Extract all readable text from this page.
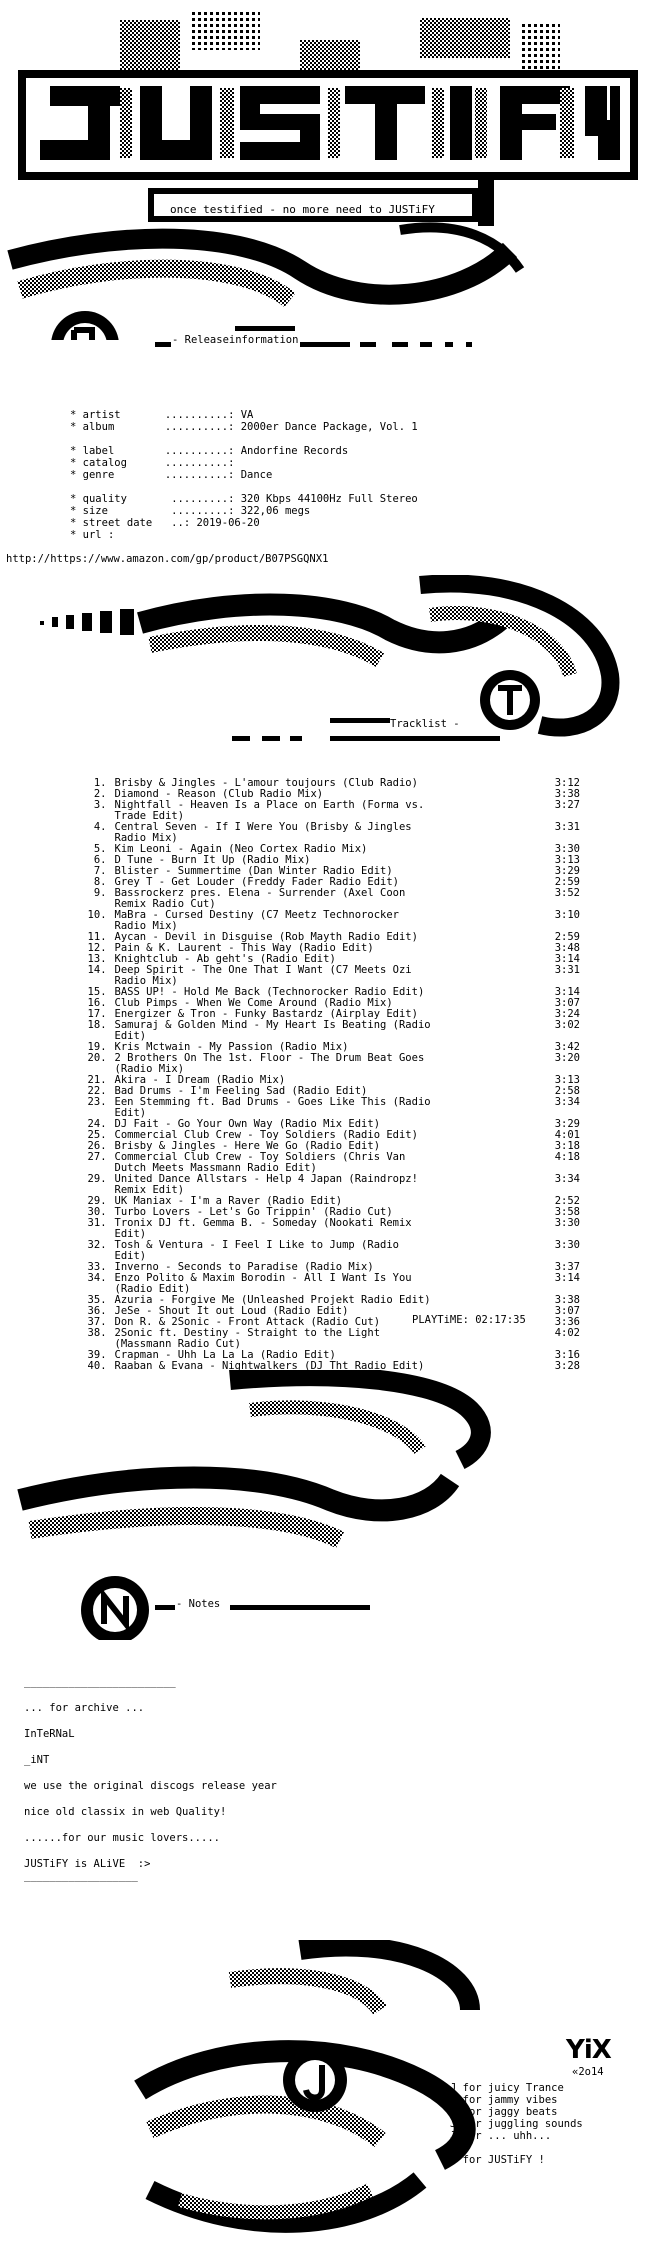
once testified - no more need to JUSTiFY
- Releaseinformation
* artist	..........: VA
* album	..........: 2000er Dance Package, Vol. 1
* label	..........: Andorfine Records
* catalog	..........:
* genre	..........: Dance
* quality	.........: 320 Kbps 44100Hz Full Stereo
* size	.........: 322,06 megs
* street date ..: 2019-06-20
* url :
http://https://www.amazon.com/gp/product/B07PSGQNX1
Tracklist -
1.	Brisby & Jingles - L'amour toujours (Club Radio)	3:12
2.	Diamond - Reason (Club Radio Mix)	3:38
3.	Nightfall - Heaven Is a Place on Earth (Forma vs.
Trade Edit)	3:27
4.	Central Seven - If I Were You (Brisby & Jingles
Radio Mix)	3:31
5.	Kim Leoni - Again (Neo Cortex Radio Mix)	3:30
6.	D Tune - Burn It Up (Radio Mix)	3:13
7.	Blister - Summertime (Dan Winter Radio Edit)	3:29
8.	Grey T - Get Louder (Freddy Fader Radio Edit)	2:59
9.	Bassrockerz pres. Elena - Surrender (Axel Coon
Remix Radio Cut)	3:52
10.	MaBra - Cursed Destiny (C7 Meetz Technorocker
Radio Mix)	3:10
11.	Aycan - Devil in Disguise (Rob Mayth Radio Edit)	2:59
12.	Pain & K. Laurent - This Way (Radio Edit)	3:48
13.	Knightclub - Ab geht's (Radio Edit)	3:14
14.	Deep Spirit - The One That I Want (C7 Meets Ozi
Radio Mix)	3:31
15.	BASS UP! - Hold Me Back (Technorocker Radio Edit)	3:14
16.	Club Pimps - When We Come Around (Radio Mix)	3:07
17.	Energizer & Tron - Funky Bastardz (Airplay Edit)	3:24
18.	Samuraj & Golden Mind - My Heart Is Beating (Radio
Edit)	3:02
19.	Kris Mctwain - My Passion (Radio Mix)	3:42
20.	2 Brothers On The 1st. Floor - The Drum Beat Goes
(Radio Mix)	3:20
21.	Akira - I Dream (Radio Mix)	3:13
22.	Bad Drums - I'm Feeling Sad (Radio Edit)	2:58
23.	Een Stemming ft. Bad Drums - Goes Like This (Radio
Edit)	3:34
24.	DJ Fait - Go Your Own Way (Radio Mix Edit)	3:29
25.	Commercial Club Crew - Toy Soldiers (Radio Edit)	4:01
26.	Brisby & Jingles - Here We Go (Radio Edit)	3:18
27.	Commercial Club Crew - Toy Soldiers (Chris Van
Dutch Meets Massmann Radio Edit)	4:18
29.	United Dance Allstars - Help 4 Japan (Raindropz!
Remix Edit)	3:34
29.	UK Maniax - I'm a Raver (Radio Edit)	2:52
30.	Turbo Lovers - Let's Go Trippin' (Radio Cut)	3:58
31.	Tronix DJ ft. Gemma B. - Someday (Nookati Remix
Edit)	3:30
32.	Tosh & Ventura - I Feel I Like to Jump (Radio
Edit)	3:30
33.	Inverno - Seconds to Paradise (Radio Mix)	3:37
34.	Enzo Polito & Maxim Borodin - All I Want Is You
(Radio Edit)	3:14
35.	Azuria - Forgive Me (Unleashed Projekt Radio Edit)	3:38
36.	JeSe - Shout It out Loud (Radio Edit)	3:07
37.	Don R. & 2Sonic - Front Attack (Radio Cut)	3:36
38.	2Sonic ft. Destiny - Straight to the Light
(Massmann Radio Cut)	4:02
39.	Crapman - Uhh La La La (Radio Edit)	3:16
40.	Raaban & Evana - Nightwalkers (DJ Tht Radio Edit)	3:28
PLAYTiME: 02:17:35
- Notes
________________________
... for archive ...
InTeRNaL
_iNT
we use the original discogs release year
nice old classix in web Quality!
......for our music lovers.....
JUSTiFY is ALiVE  :>
__________________
YiX
«2o14
J for juicy Trance
J for jammy vibes
J for jaggy beats
J for juggling sounds
J for ... uhh...
J for JUSTiFY !
